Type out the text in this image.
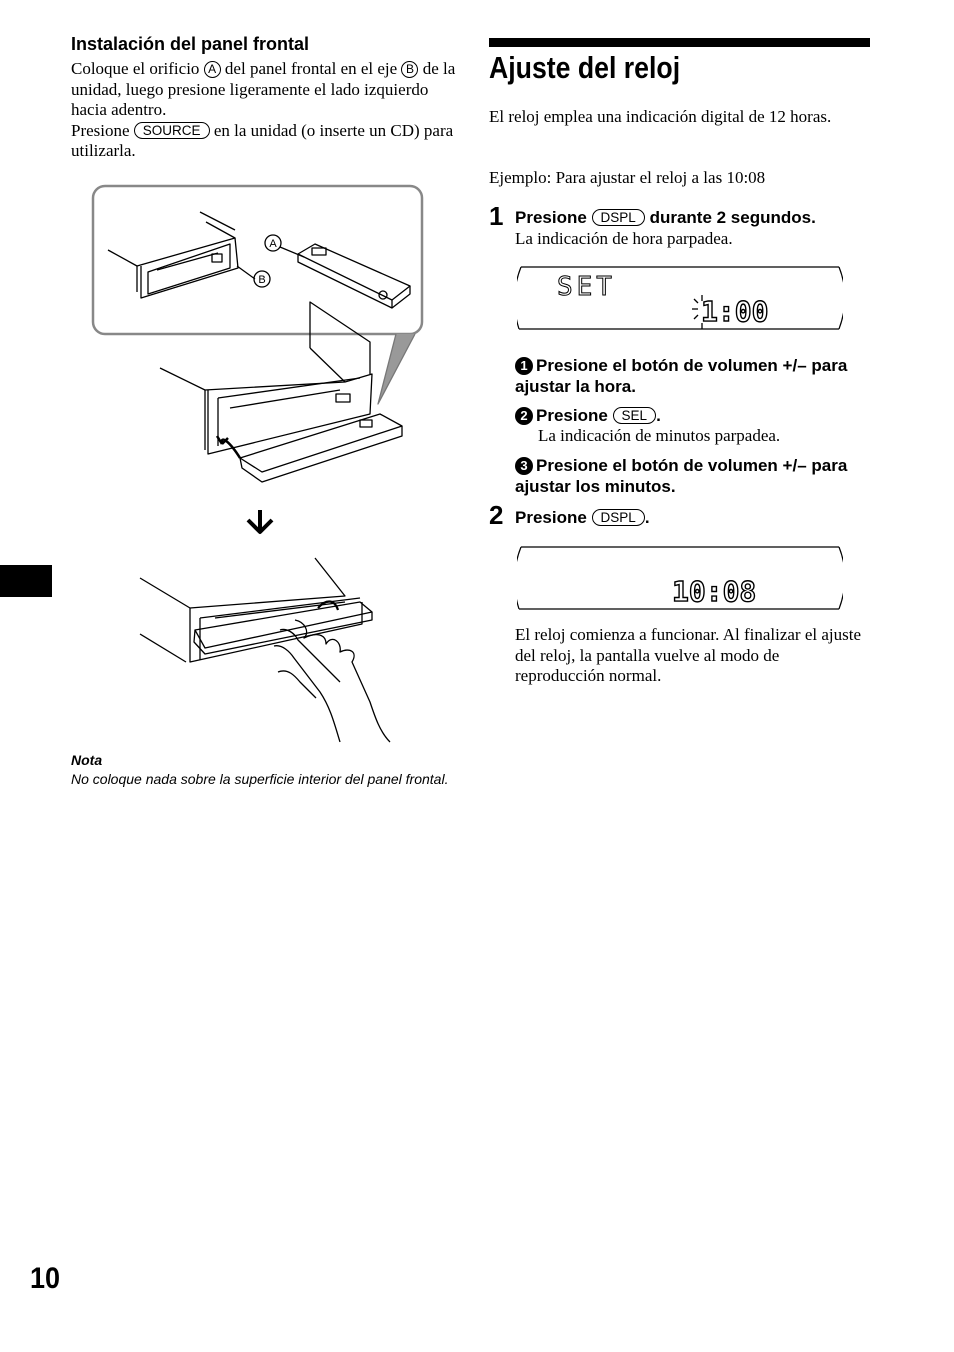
Instalación del panel frontal
Coloque el orificio A del panel frontal en el eje B de la unidad, luego presione ligeramente el lado izquierdo hacia adentro.
Presione SOURCE en la unidad (o inserte un CD) para utilizarla.
A
B
Nota
No coloque nada sobre la superficie interior del panel frontal.
Ajuste del reloj
El reloj emplea una indicación digital de 12 horas.
Ejemplo: Para ajustar el reloj a las 10:08
1 Presione DSPL durante 2 segundos.
La indicación de hora parpadea.
SET
1:00
1 Presione el botón de volumen +/– para ajustar la hora.
2 Presione SEL .
La indicación de minutos parpadea.
3 Presione el botón de volumen +/– para ajustar los minutos.
2 Presione DSPL .
10:08
El reloj comienza a funcionar. Al finalizar el ajuste del reloj, la pantalla vuelve al modo de reproducción normal.
10
